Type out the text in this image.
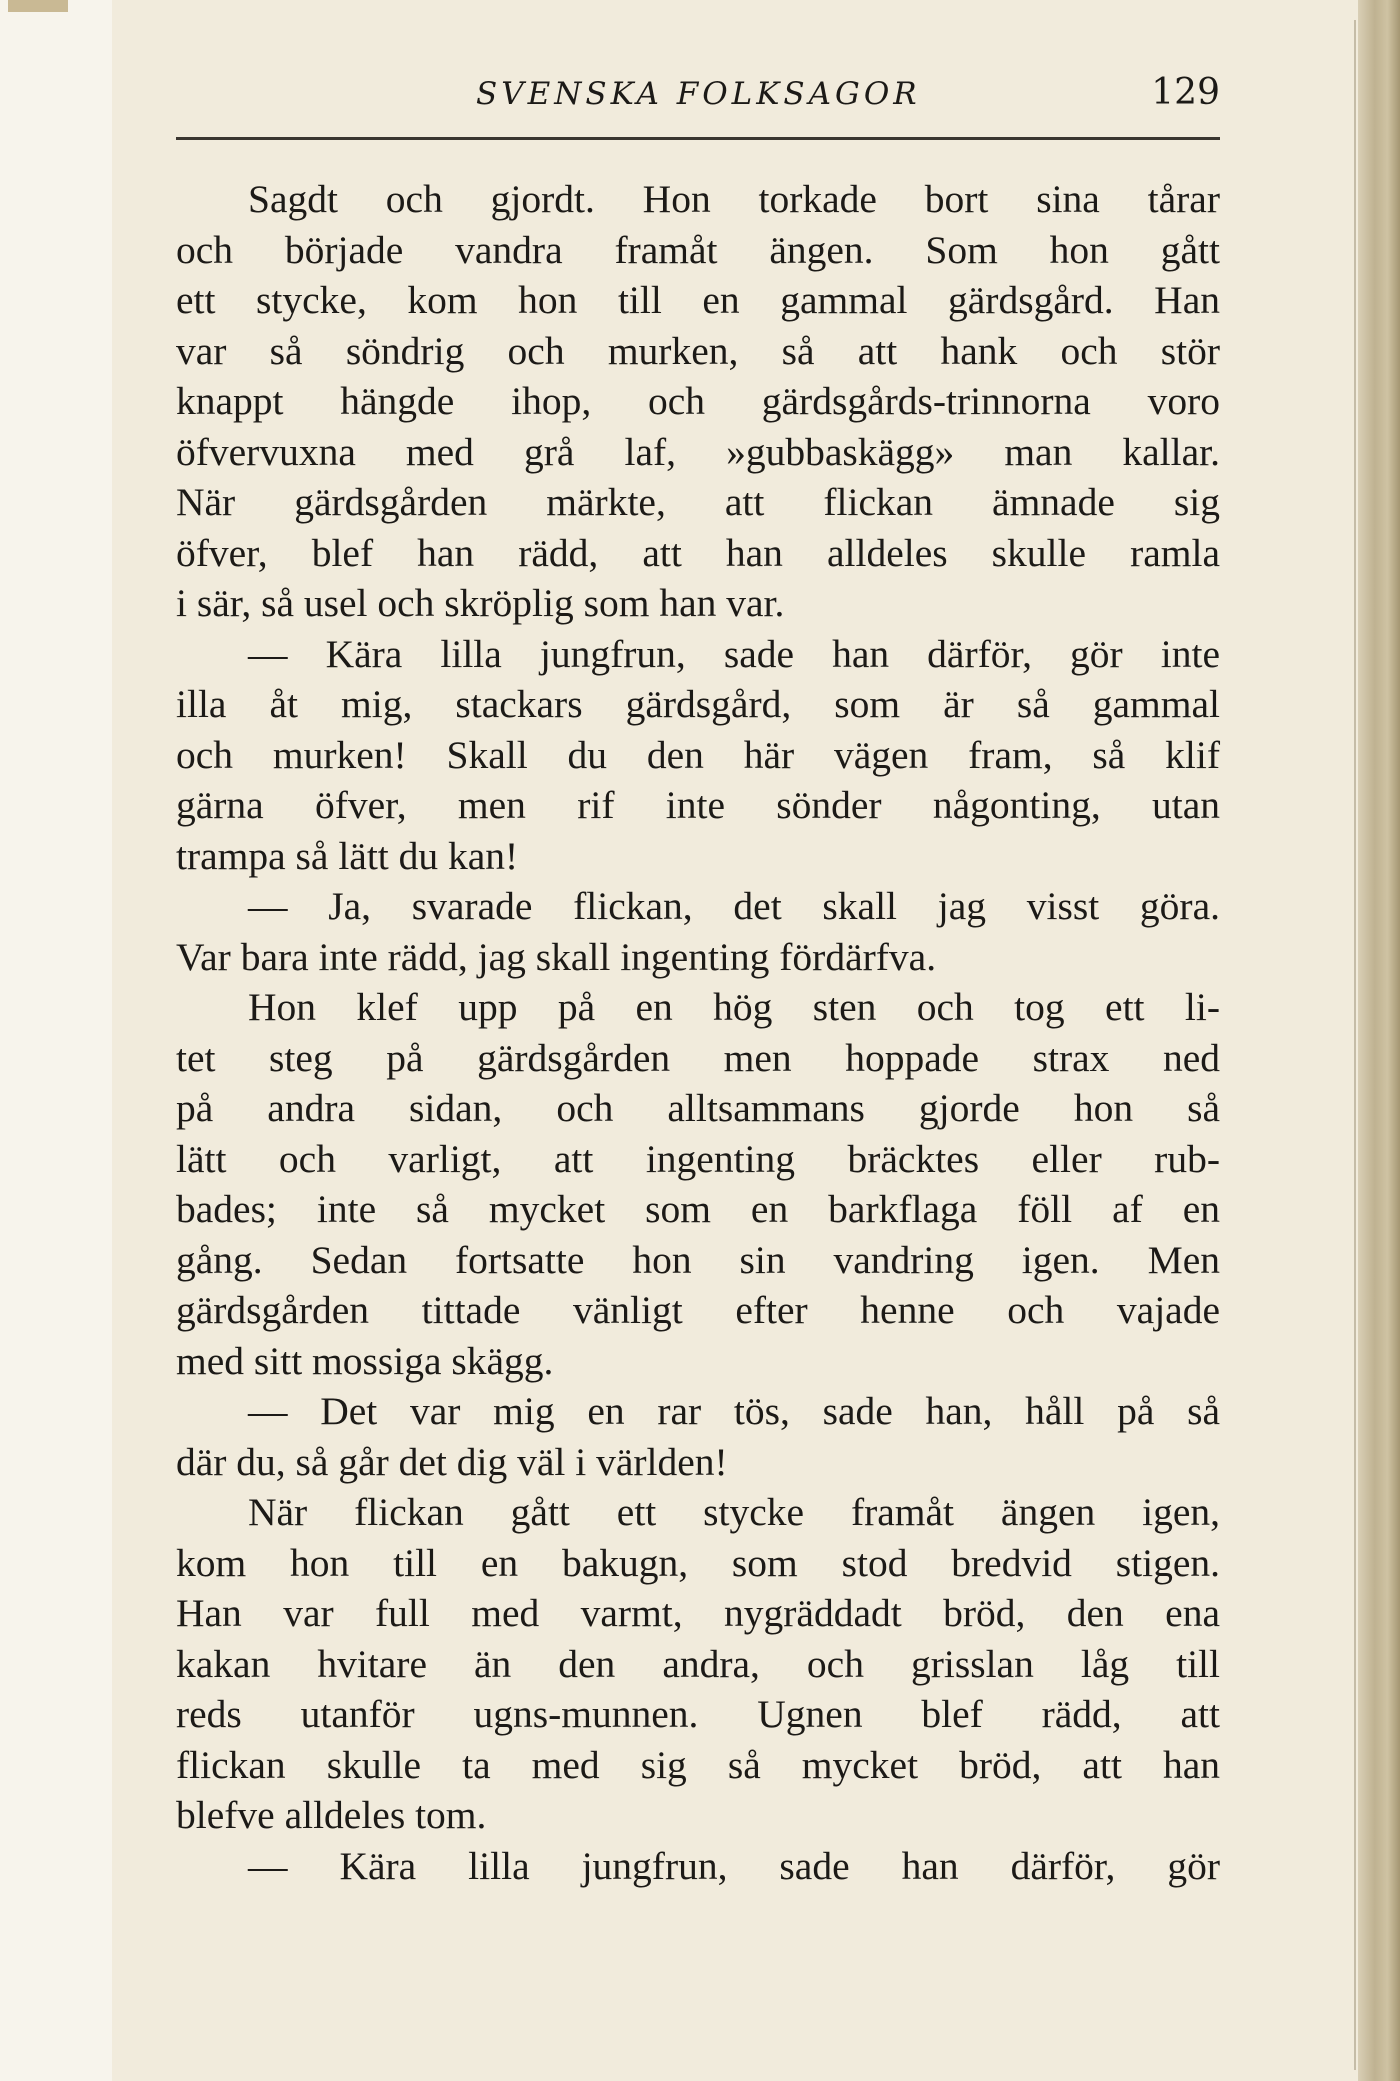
SVENSKA FOLKSAGOR	129
Sagdt och gjordt. Hon torkade bort sina tårar
och började vandra framåt ängen. Som hon gått
ett stycke, kom hon till en gammal gärdsgård. Han
var så söndrig och murken, så att hank och stör
knappt hängde ihop, och gärdsgårds-trinnorna voro
öfvervuxna med grå laf, »gubbaskägg» man kallar.
När gärdsgården märkte, att flickan ämnade sig
öfver, blef han rädd, att han alldeles skulle ramla
i sär, så usel och skröplig som han var.
— Kära lilla jungfrun, sade han därför, gör inte
illa åt mig, stackars gärdsgård, som är så gammal
och murken! Skall du den här vägen fram, så klif
gärna öfver, men rif inte sönder någonting, utan
trampa så lätt du kan!
— Ja, svarade flickan, det skall jag visst göra.
Var bara inte rädd, jag skall ingenting fördärfva.
Hon klef upp på en hög sten och tog ett li-
tet steg på gärdsgården men hoppade strax ned
på andra sidan, och alltsammans gjorde hon så
lätt och varligt, att ingenting bräcktes eller rub-
bades; inte så mycket som en barkflaga föll af en
gång. Sedan fortsatte hon sin vandring igen. Men
gärdsgården tittade vänligt efter henne och vajade
med sitt mossiga skägg.
— Det var mig en rar tös, sade han, håll på så
där du, så går det dig väl i världen!
När flickan gått ett stycke framåt ängen igen,
kom hon till en bakugn, som stod bredvid stigen.
Han var full med varmt, nygräddadt bröd, den ena
kakan hvitare än den andra, och grisslan låg till
reds utanför ugns-munnen. Ugnen blef rädd, att
flickan skulle ta med sig så mycket bröd, att han
blefve alldeles tom.
— Kära lilla jungfrun, sade han därför, gör
